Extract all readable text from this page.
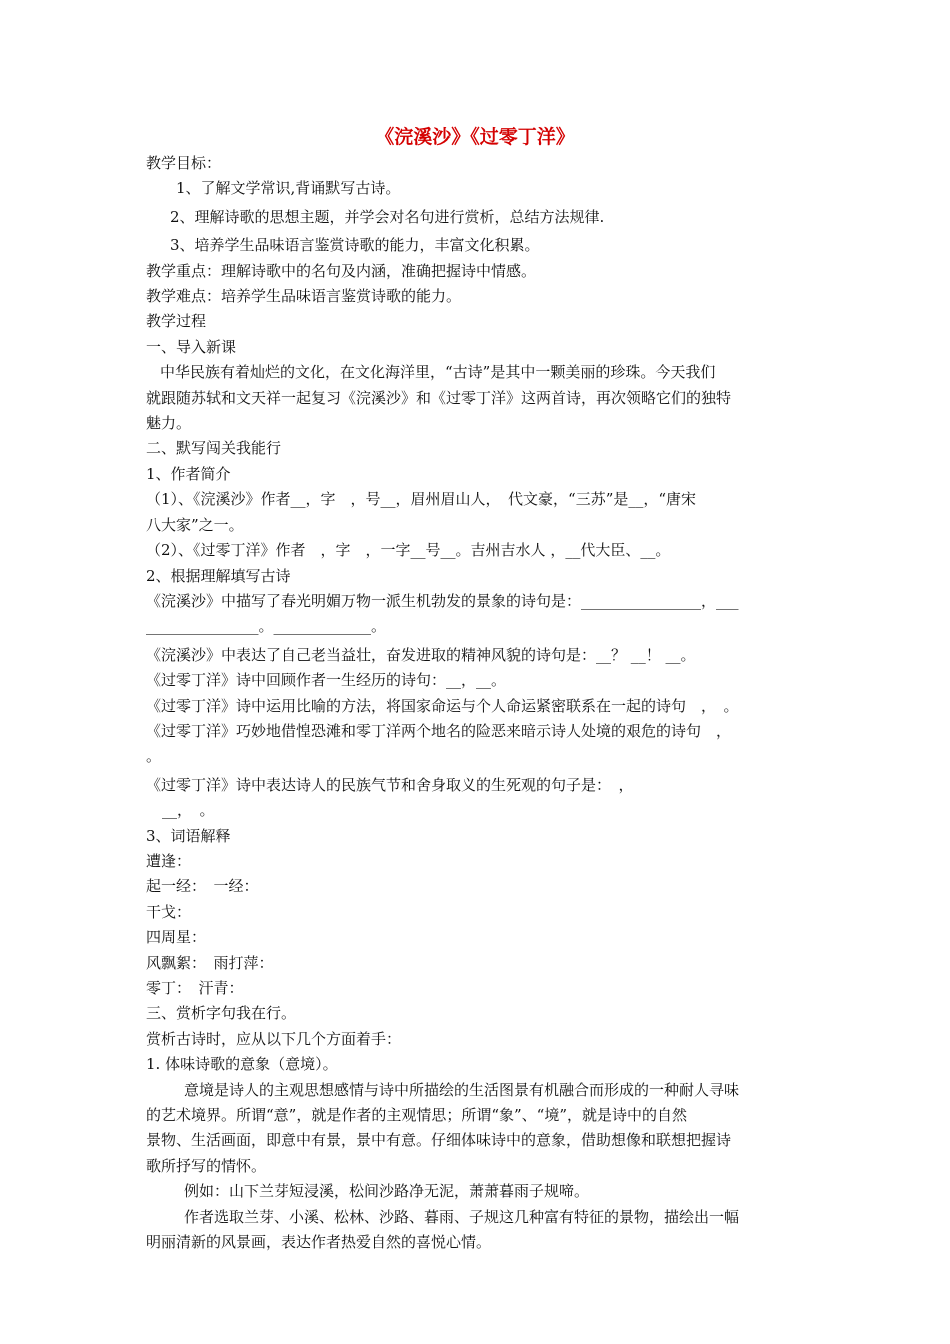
《浣溪沙》《过零丁洋》

教学目标：

1、了解文学常识,背诵默写古诗。

2、理解诗歌的思想主题，并学会对名句进行赏析，总结方法规律.

3、培养学生品味语言鉴赏诗歌的能力，丰富文化积累。

教学重点：理解诗歌中的名句及内涵，准确把握诗中情感。

教学难点：培养学生品味语言鉴赏诗歌的能力。

教学过程

一、导入新课

中华民族有着灿烂的文化，在文化海洋里，“古诗”是其中一颗美丽的珍珠。今天我们

就跟随苏轼和文天祥一起复习《浣溪沙》和《过零丁洋》这两首诗，再次领略它们的独特

魅力。

二、默写闯关我能行

1、作者简介

（1）、《浣溪沙》作者__，字　，号__，眉州眉山人，　代文豪，“三苏”是__，“唐宋

八大家”之一。

（2）、《过零丁洋》作者　，字　，一字__号__。吉州吉水人 ，__代大臣、__。

2、根据理解填写古诗

《浣溪沙》中描写了春光明媚万物一派生机勃发的景象的诗句是：________________，___

_______________。_____________。

《浣溪沙》中表达了自己老当益壮，奋发进取的精神风貌的诗句是：__？ __！ __。

《过零丁洋》诗中回顾作者一生经历的诗句：__，__。

《过零丁洋》诗中运用比喻的方法，将国家命运与个人命运紧密联系在一起的诗句　，　。

《过零丁洋》巧妙地借惶恐滩和零丁洋两个地名的险恶来暗示诗人处境的艰危的诗句　，

。

《过零丁洋》诗中表达诗人的民族气节和舍身取义的生死观的句子是：　，

__，　。

3、词语解释

遭逢：

起一经：　一经：

干戈：

四周星：

风飘絮：　雨打萍：

零丁：　汗青：

三、赏析字句我在行。

赏析古诗时，应从以下几个方面着手：

1. 体味诗歌的意象（意境）。

意境是诗人的主观思想感情与诗中所描绘的生活图景有机融合而形成的一种耐人寻味

的艺术境界。所谓“意”，就是作者的主观情思；所谓“象”、“境”，就是诗中的自然

景物、生活画面，即意中有景，景中有意。仔细体味诗中的意象，借助想像和联想把握诗

歌所抒写的情怀。

例如：山下兰芽短浸溪，松间沙路净无泥，萧萧暮雨子规啼。

作者选取兰芽、小溪、松林、沙路、暮雨、子规这几种富有特征的景物，描绘出一幅

明丽清新的风景画，表达作者热爱自然的喜悦心情。
